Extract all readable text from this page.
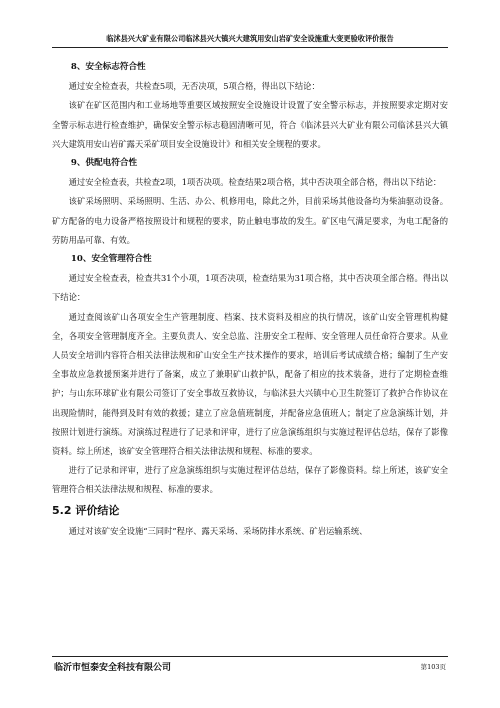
临沭县兴大矿业有限公司临沭县兴大镇兴大建筑用安山岩矿安全设施重大变更验收评价报告

8、安全标志符合性

通过安全检查表，共检查5项，无否决项，5项合格，得出以下结论：

该矿在矿区范围内和工业场地等重要区域按照安全设施设计设置了安全警示标志，并按照要求定期对安全警示标志进行检查维护，确保安全警示标志稳固清晰可见，符合《临沭县兴大矿业有限公司临沭县兴大镇兴大建筑用安山岩矿露天采矿项目安全设施设计》和相关安全规程的要求。

9、供配电符合性

通过安全检查表，共检查2项，1项否决项。检查结果2项合格，其中否决项全部合格，得出以下结论：

该矿采场照明、采场照明、生活、办公、机修用电，除此之外，目前采场其他设备均为柴油驱动设备。矿方配备的电力设备严格按照设计和规程的要求，防止触电事故的发生。矿区电气满足要求，为电工配备的劳防用品可靠、有效。

10、安全管理符合性

通过安全检查表，检查共31个小项，1项否决项，检查结果为31项合格，其中否决项全部合格。得出以下结论：

通过查阅该矿山各项安全生产管理制度、档案、技术资料及相应的执行情况，该矿山安全管理机构健全，各项安全管理制度齐全。主要负责人、安全总监、注册安全工程师、安全管理人员任命符合要求。从业人员安全培训内容符合相关法律法规和矿山安全生产技术操作的要求，培训后考试成绩合格；编制了生产安全事故应急救援预案并进行了备案，成立了兼职矿山救护队，配备了相应的技术装备，进行了定期检查维护；与山东环球矿业有限公司签订了安全事故互救协议，与临沭县大兴镇中心卫生院签订了救护合作协议在出现险情时，能得到及时有效的救援；建立了应急值班制度，并配备应急值班人；制定了应急演练计划，并按照计划进行演练。对演练过程进行了记录和评审，进行了应急演练组织与实施过程评估总结，保存了影像资料。综上所述，该矿安全管理符合相关法律法规和规程、标准的要求。

进行了记录和评审，进行了应急演练组织与实施过程评估总结，保存了影像资料。综上所述，该矿安全管理符合相关法律法规和规程、标准的要求。

5.2 评价结论

通过对该矿安全设施“三同时”程序、露天采场、采场防排水系统、矿岩运输系统、

临沂市恒泰安全科技有限公司	第103页
